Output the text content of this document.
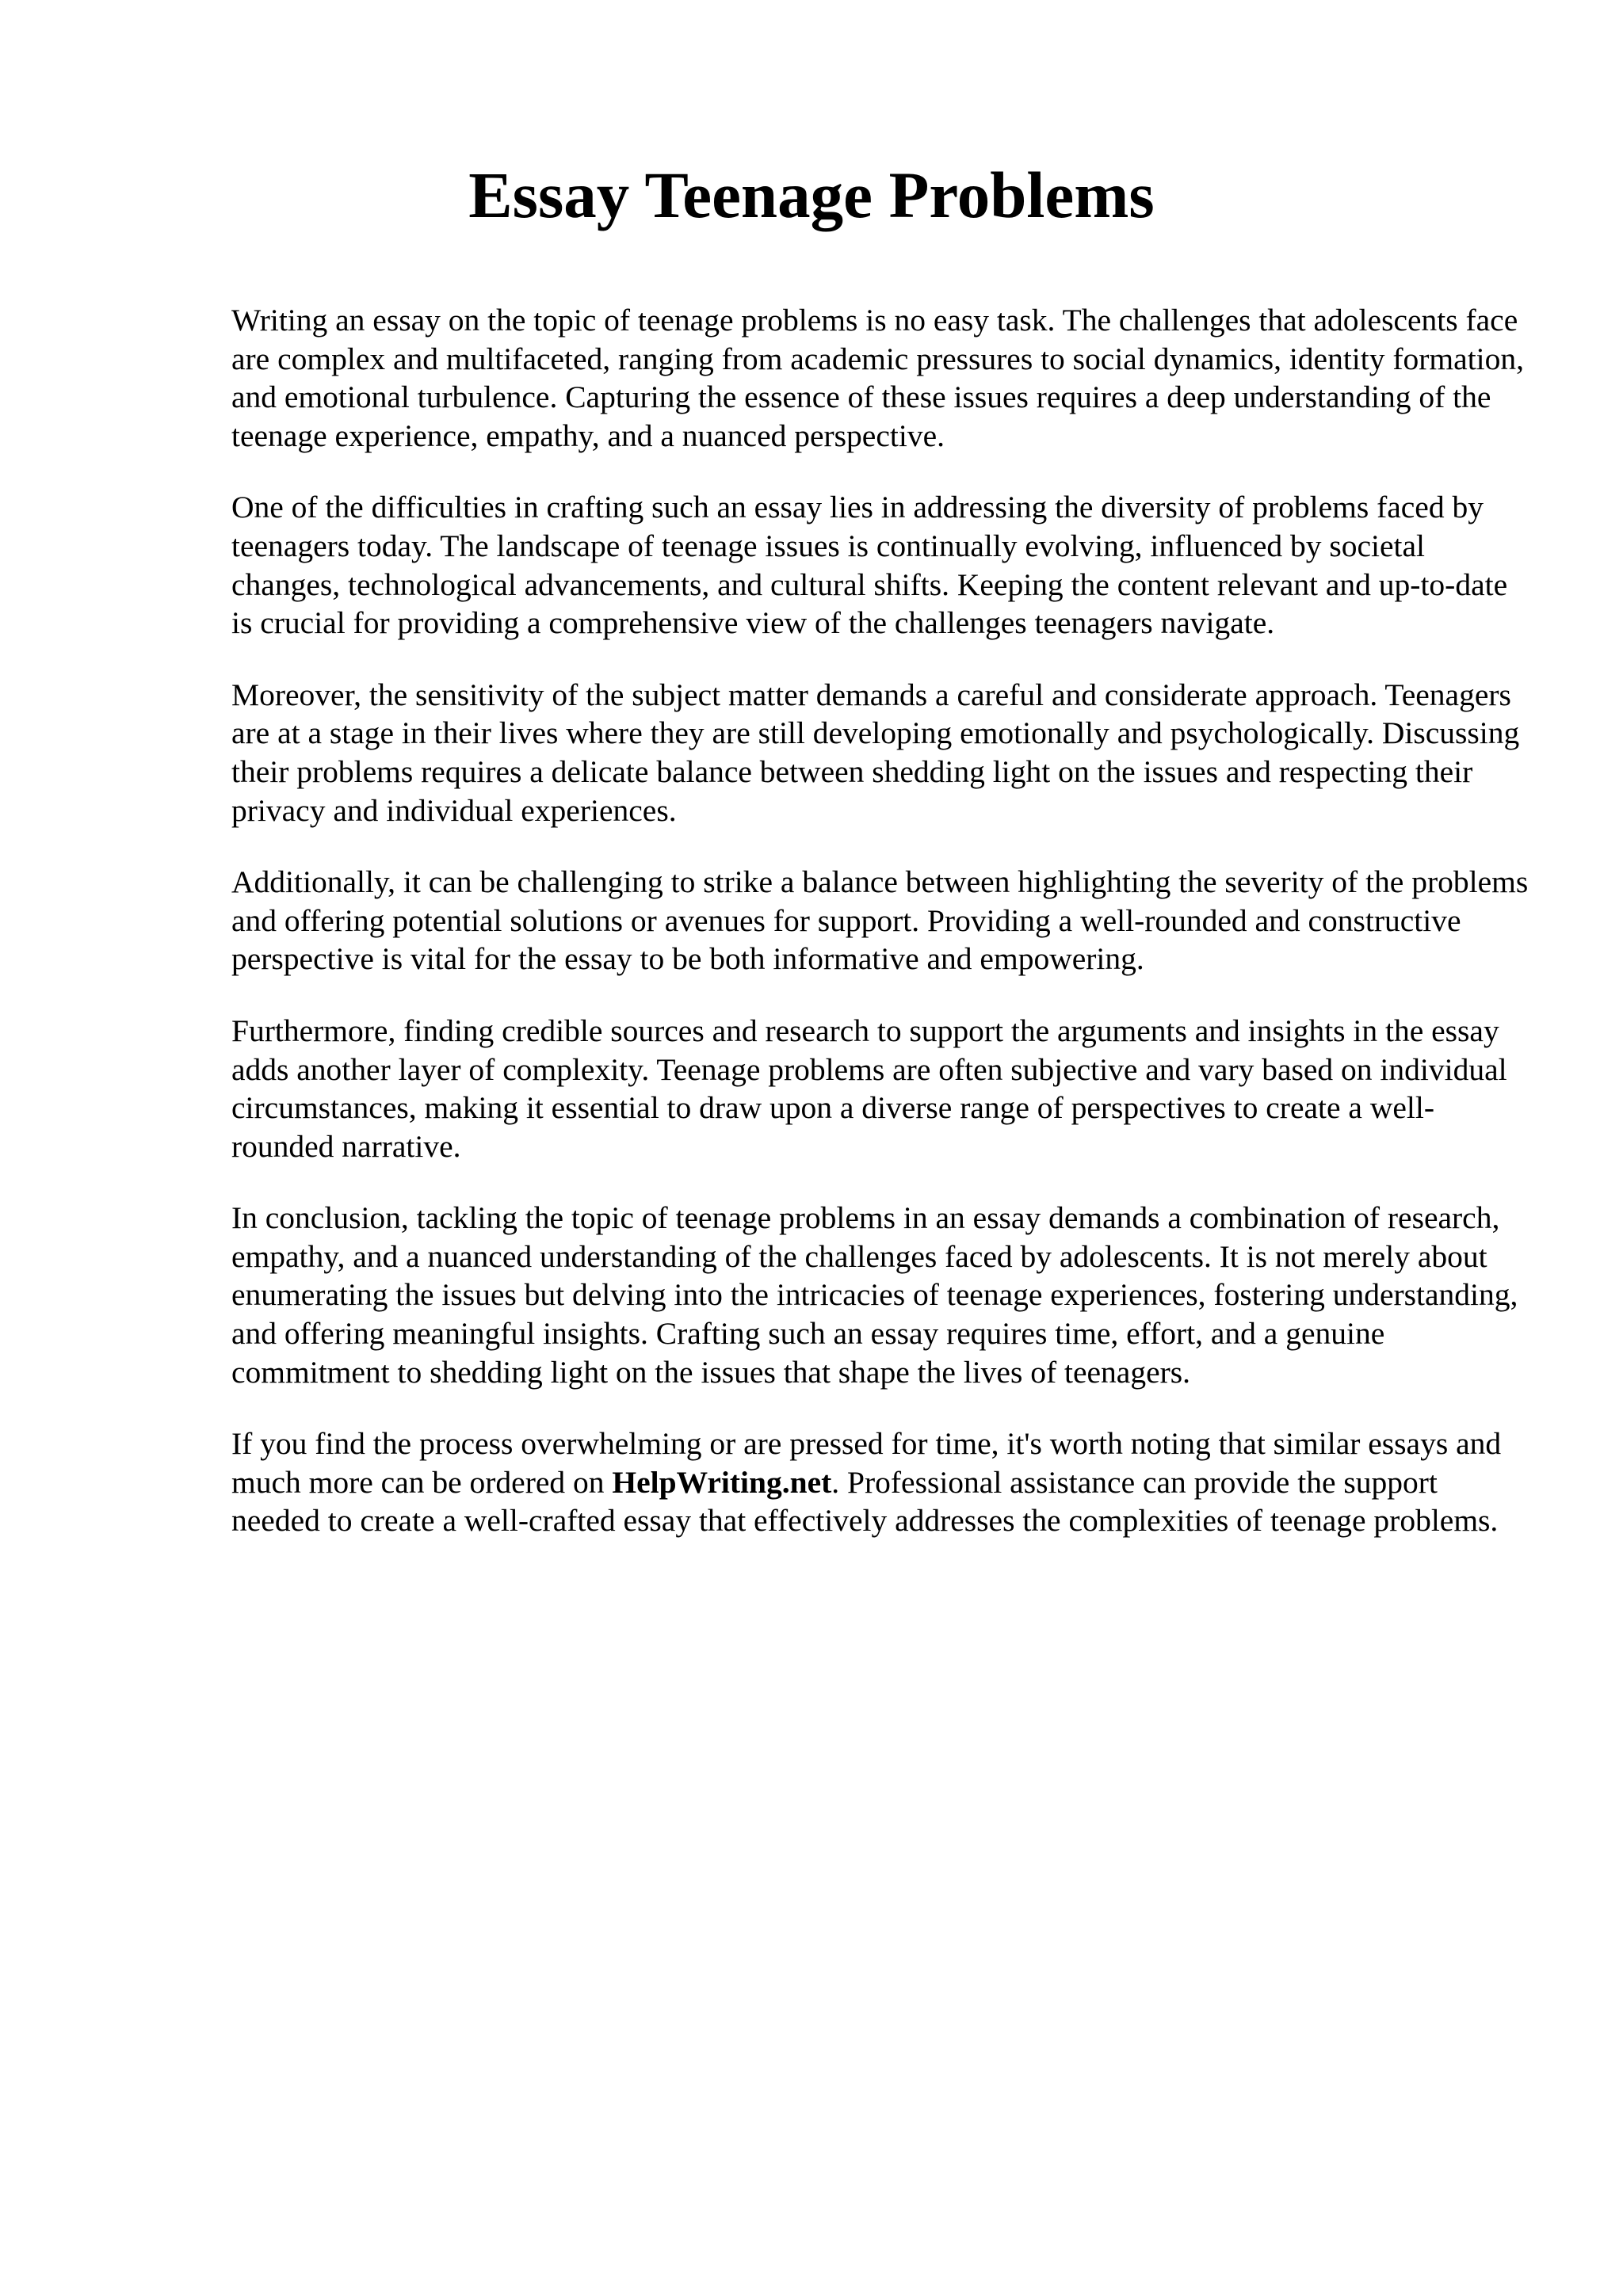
Essay Teenage Problems

Writing an essay on the topic of teenage problems is no easy task. The challenges that adolescents face are complex and multifaceted, ranging from academic pressures to social dynamics, identity formation, and emotional turbulence. Capturing the essence of these issues requires a deep understanding of the teenage experience, empathy, and a nuanced perspective.

One of the difficulties in crafting such an essay lies in addressing the diversity of problems faced by teenagers today. The landscape of teenage issues is continually evolving, influenced by societal changes, technological advancements, and cultural shifts. Keeping the content relevant and up-to-date is crucial for providing a comprehensive view of the challenges teenagers navigate.

Moreover, the sensitivity of the subject matter demands a careful and considerate approach. Teenagers are at a stage in their lives where they are still developing emotionally and psychologically. Discussing their problems requires a delicate balance between shedding light on the issues and respecting their privacy and individual experiences.

Additionally, it can be challenging to strike a balance between highlighting the severity of the problems and offering potential solutions or avenues for support. Providing a well-rounded and constructive perspective is vital for the essay to be both informative and empowering.

Furthermore, finding credible sources and research to support the arguments and insights in the essay adds another layer of complexity. Teenage problems are often subjective and vary based on individual circumstances, making it essential to draw upon a diverse range of perspectives to create a well-rounded narrative.

In conclusion, tackling the topic of teenage problems in an essay demands a combination of research, empathy, and a nuanced understanding of the challenges faced by adolescents. It is not merely about enumerating the issues but delving into the intricacies of teenage experiences, fostering understanding, and offering meaningful insights. Crafting such an essay requires time, effort, and a genuine commitment to shedding light on the issues that shape the lives of teenagers.

If you find the process overwhelming or are pressed for time, it's worth noting that similar essays and much more can be ordered on HelpWriting.net. Professional assistance can provide the support needed to create a well-crafted essay that effectively addresses the complexities of teenage problems.
